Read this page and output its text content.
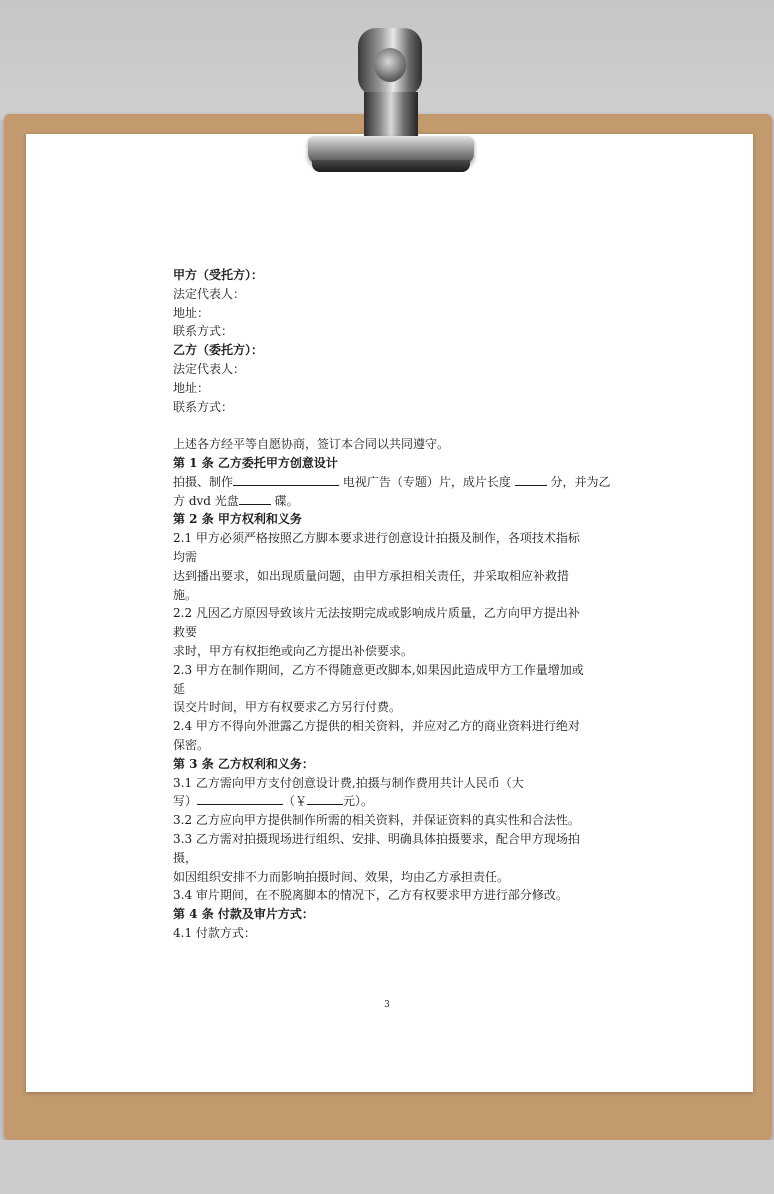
甲方（受托方）：
法定代表人：
地址：
联系方式：
乙方（委托方）：
法定代表人：
地址：
联系方式：
上述各方经平等自愿协商，签订本合同以共同遵守。
第 1 条 乙方委托甲方创意设计
拍摄、制作	电视广告（专题）片，成片长度	分，并为乙
方 dvd 光盘	碟。
第 2 条 甲方权利和义务
2.1 甲方必须严格按照乙方脚本要求进行创意设计拍摄及制作，各项技术指标
均需
达到播出要求，如出现质量问题，由甲方承担相关责任，并采取相应补救措
施。
2.2 凡因乙方原因导致该片无法按期完成或影响成片质量，乙方向甲方提出补
救要
求时，甲方有权拒绝或向乙方提出补偿要求。
2.3 甲方在制作期间，乙方不得随意更改脚本,如果因此造成甲方工作量增加或
延
误交片时间，甲方有权要求乙方另行付费。
2.4 甲方不得向外泄露乙方提供的相关资料，并应对乙方的商业资料进行绝对
保密。
第 3 条 乙方权利和义务：
3.1 乙方需向甲方支付创意设计费,拍摄与制作费用共计人民币（大
写）	（￥	元）。
3.2 乙方应向甲方提供制作所需的相关资料，并保证资料的真实性和合法性。
3.3 乙方需对拍摄现场进行组织、安排、明确具体拍摄要求，配合甲方现场拍
摄，
如因组织安排不力而影响拍摄时间、效果，均由乙方承担责任。
3.4 审片期间，在不脱离脚本的情况下，乙方有权要求甲方进行部分修改。
第 4 条 付款及审片方式：
4.1 付款方式：
3
